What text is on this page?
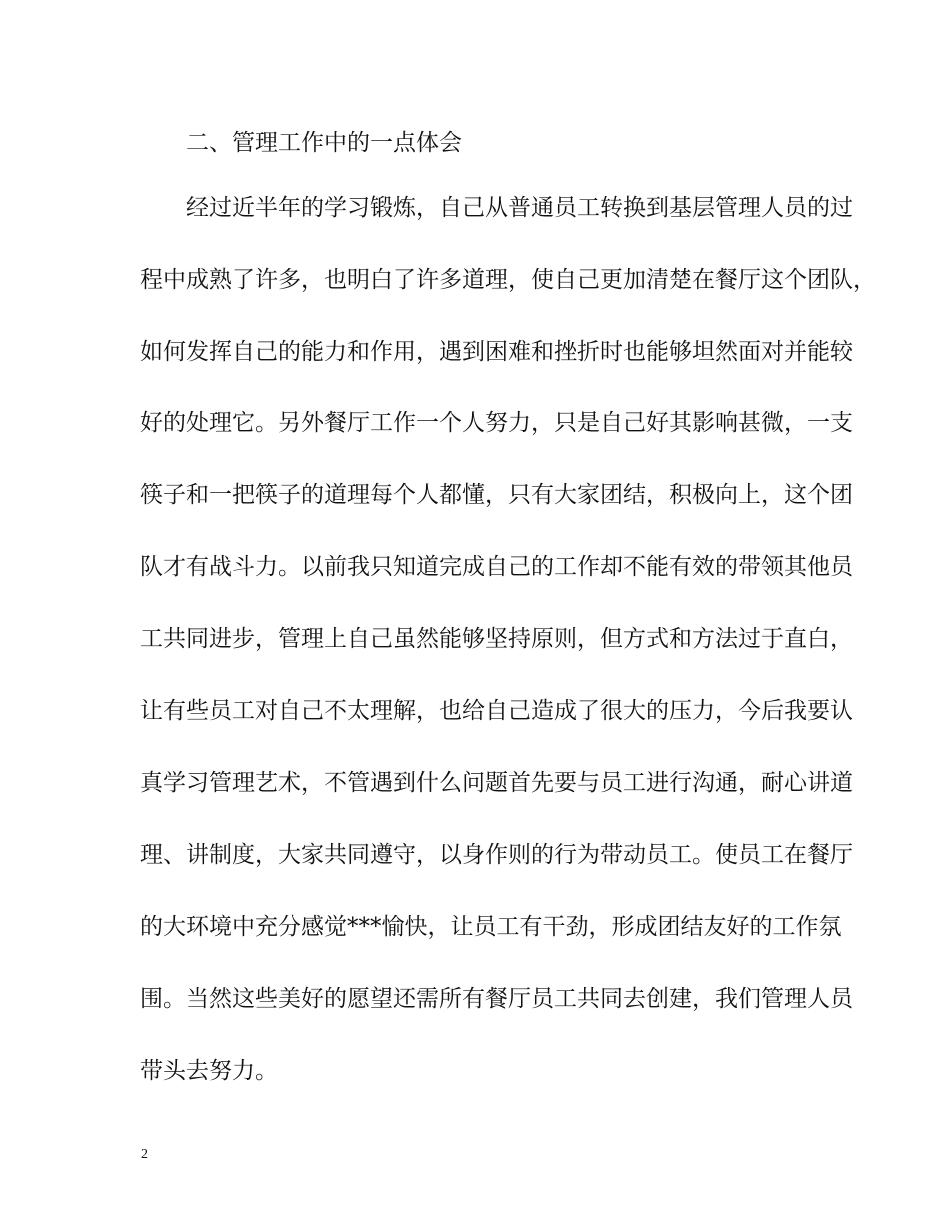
二、管理工作中的一点体会
经过近半年的学习锻炼，自己从普通员工转换到基层管理人员的过
程中成熟了许多，也明白了许多道理，使自己更加清楚在餐厅这个团队，
如何发挥自己的能力和作用，遇到困难和挫折时也能够坦然面对并能较
好的处理它。另外餐厅工作一个人努力，只是自己好其影响甚微，一支
筷子和一把筷子的道理每个人都懂，只有大家团结，积极向上，这个团
队才有战斗力。以前我只知道完成自己的工作却不能有效的带领其他员
工共同进步，管理上自己虽然能够坚持原则，但方式和方法过于直白，
让有些员工对自己不太理解，也给自己造成了很大的压力，今后我要认
真学习管理艺术，不管遇到什么问题首先要与员工进行沟通，耐心讲道
理、讲制度，大家共同遵守，以身作则的行为带动员工。使员工在餐厅
的大环境中充分感觉***愉快，让员工有干劲，形成团结友好的工作氛
围。当然这些美好的愿望还需所有餐厅员工共同去创建，我们管理人员
带头去努力。
2
